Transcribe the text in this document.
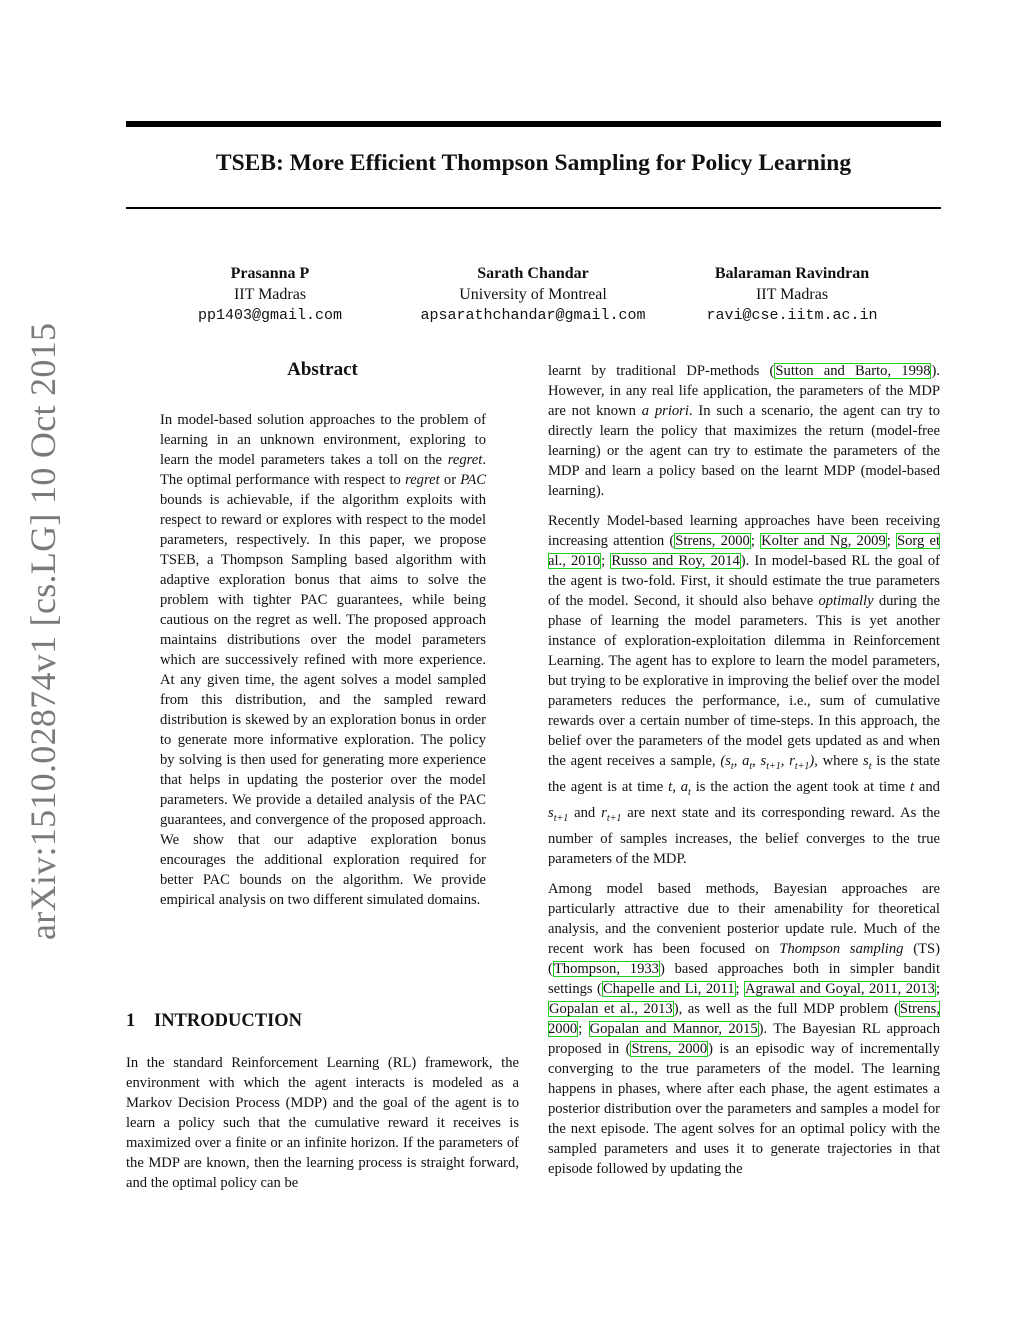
TSEB: More Efficient Thompson Sampling for Policy Learning
Prasanna P
IIT Madras
pp1403@gmail.com
Sarath Chandar
University of Montreal
apsarathchandar@gmail.com
Balaraman Ravindran
IIT Madras
ravi@cse.iitm.ac.in
arXiv:1510.02874v1 [cs.LG] 10 Oct 2015	Abstract
In model-based solution approaches to the problem of learning in an unknown environment, exploring to learn the model parameters takes a toll on the regret. The optimal performance with respect to regret or PAC bounds is achievable, if the algorithm exploits with respect to reward or explores with respect to the model parameters, respectively. In this paper, we propose TSEB, a Thompson Sampling based algorithm with adaptive exploration bonus that aims to solve the problem with tighter PAC guarantees, while being cautious on the regret as well. The proposed approach maintains distributions over the model parameters which are successively refined with more experience. At any given time, the agent solves a model sampled from this distribution, and the sampled reward distribution is skewed by an exploration bonus in order to generate more informative exploration. The policy by solving is then used for generating more experience that helps in updating the posterior over the model parameters. We provide a detailed analysis of the PAC guarantees, and convergence of the proposed approach. We show that our adaptive exploration bonus encourages the additional exploration required for better PAC bounds on the algorithm. We provide empirical analysis on two different simulated domains.
1 INTRODUCTION
In the standard Reinforcement Learning (RL) framework, the environment with which the agent interacts is modeled as a Markov Decision Process (MDP) and the goal of the agent is to learn a policy such that the cumulative reward it receives is maximized over a finite or an infinite horizon. If the parameters of the MDP are known, then the learning process is straight forward, and the optimal policy can be

learnt by traditional DP-methods (Sutton and Barto, 1998). However, in any real life application, the parameters of the MDP are not known a priori. In such a scenario, the agent can try to directly learn the policy that maximizes the return (model-free learning) or the agent can try to estimate the parameters of the MDP and learn a policy based on the learnt MDP (model-based learning).

Recently Model-based learning approaches have been receiving increasing attention (Strens, 2000; Kolter and Ng, 2009; Sorg et al., 2010; Russo and Roy, 2014). In model-based RL the goal of the agent is two-fold. First, it should estimate the true parameters of the model. Second, it should also behave optimally during the phase of learning the model parameters. This is yet another instance of exploration-exploitation dilemma in Reinforcement Learning. The agent has to explore to learn the model parameters, but trying to be explorative in improving the belief over the model parameters reduces the performance, i.e., sum of cumulative rewards over a certain number of time-steps. In this approach, the belief over the parameters of the model gets updated as and when the agent receives a sample, ($s_t$, $a_t$, $s_{t+1}$, $r_{t+1}$), where $s_t$ is the state the agent is at time t, $a_t$ is the action the agent took at time t and $s_{t+1}$ and $r_{t+1}$ are next state and its corresponding reward. As the number of samples increases, the belief converges to the true parameters of the MDP.

Among model based methods, Bayesian approaches are particularly attractive due to their amenability for theoretical analysis, and the convenient posterior update rule. Much of the recent work has been focused on Thompson sampling (TS) (Thompson, 1933) based approaches both in simpler bandit settings (Chapelle and Li, 2011; Agrawal and Goyal, 2011, 2013; Gopalan et al., 2013), as well as the full MDP problem (Strens, 2000; Gopalan and Mannor, 2015). The Bayesian RL approach proposed in (Strens, 2000) is an episodic way of incrementally converging to the true parameters of the model. The learning happens in phases, where after each phase, the agent estimates a posterior distribution over the parameters and samples a model for the next episode. The agent solves for an optimal policy with the sampled parameters and uses it to generate trajectories in that episode followed by updating the
